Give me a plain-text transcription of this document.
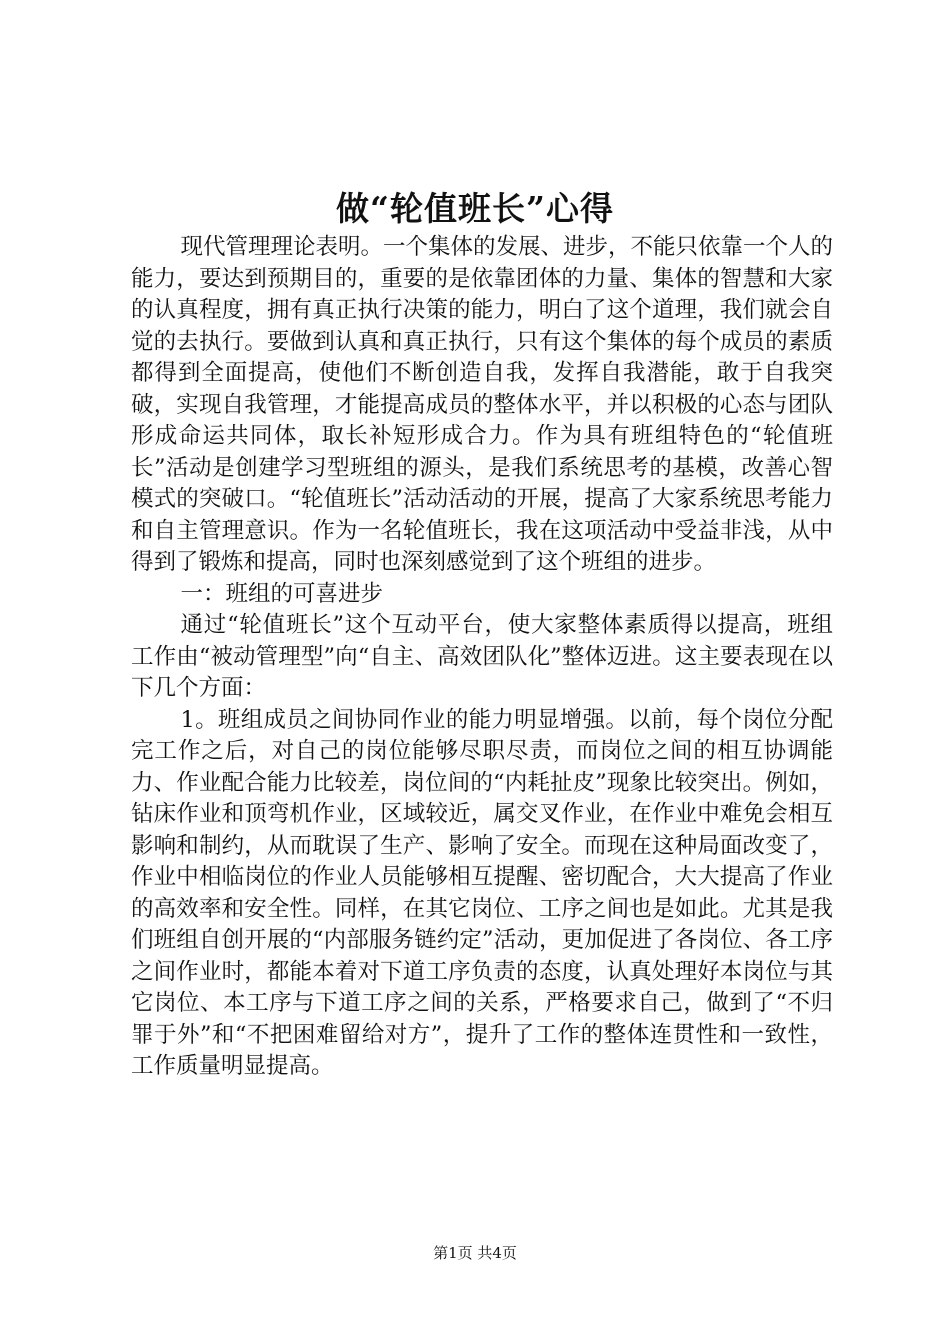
做“轮值班长”心得

现代管理理论表明。一个集体的发展、进步，不能只依靠一个人的能力，要达到预期目的，重要的是依靠团体的力量、集体的智慧和大家的认真程度，拥有真正执行决策的能力，明白了这个道理，我们就会自觉的去执行。要做到认真和真正执行，只有这个集体的每个成员的素质都得到全面提高，使他们不断创造自我，发挥自我潜能，敢于自我突破，实现自我管理，才能提高成员的整体水平，并以积极的心态与团队形成命运共同体，取长补短形成合力。作为具有班组特色的“轮值班长”活动是创建学习型班组的源头，是我们系统思考的基模，改善心智模式的突破口。“轮值班长”活动活动的开展，提高了大家系统思考能力和自主管理意识。作为一名轮值班长，我在这项活动中受益非浅，从中得到了锻炼和提高，同时也深刻感觉到了这个班组的进步。

一：班组的可喜进步

通过“轮值班长”这个互动平台，使大家整体素质得以提高，班组工作由“被动管理型”向“自主、高效团队化”整体迈进。这主要表现在以下几个方面：

1。班组成员之间协同作业的能力明显增强。以前，每个岗位分配完工作之后，对自己的岗位能够尽职尽责，而岗位之间的相互协调能力、作业配合能力比较差，岗位间的“内耗扯皮”现象比较突出。例如，钻床作业和顶弯机作业，区域较近，属交叉作业，在作业中难免会相互影响和制约，从而耽误了生产、影响了安全。而现在这种局面改变了，作业中相临岗位的作业人员能够相互提醒、密切配合，大大提高了作业的高效率和安全性。同样，在其它岗位、工序之间也是如此。尤其是我们班组自创开展的“内部服务链约定”活动，更加促进了各岗位、各工序之间作业时，都能本着对下道工序负责的态度，认真处理好本岗位与其它岗位、本工序与下道工序之间的关系，严格要求自己，做到了“不归罪于外”和“不把困难留给对方”，提升了工作的整体连贯性和一致性，工作质量明显提高。

第1页 共4页
